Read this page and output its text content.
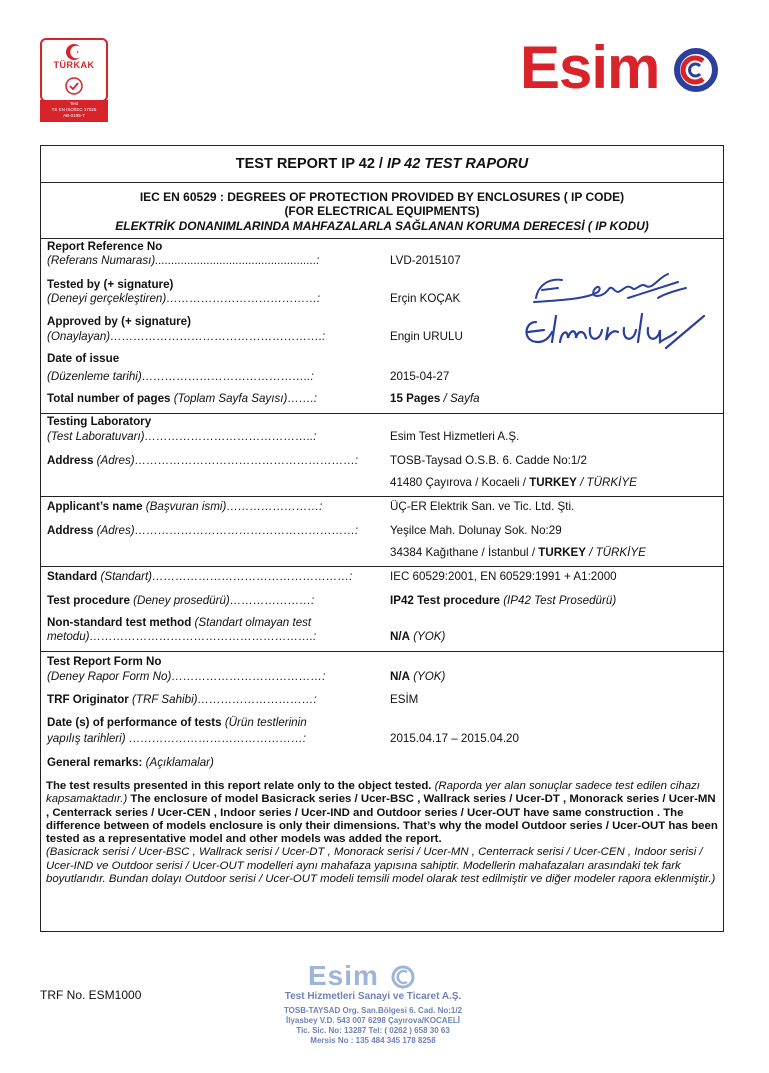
TÜRKAK
Test
TS EN ISO/IEC 17025
AB-0195-T
Esim
TEST REPORT IP 42 / IP 42 TEST RAPORU
IEC EN 60529 : DEGREES OF PROTECTION PROVIDED BY ENCLOSURES ( IP CODE)
(FOR ELECTRICAL EQUIPMENTS)
ELEKTRİK DONANIMLARINDA MAHFAZALARLA SAĞLANAN KORUMA DERECESİ ( IP KODU)
Report Reference No
(Referans Numarası)..................................................:	LVD-2015107
Tested by (+ signature)
(Deneyi gerçekleştiren)…………………………………:	Erçin KOÇAK
Approved by (+ signature)
(Onaylayan)……………………………………………….:	Engin URULU
Date of issue
(Düzenleme tarihi)……………………………………..:	2015-04-27
Total number of pages (Toplam Sayfa Sayısı)…….:	15 Pages / Sayfa
Testing Laboratory
(Test Laboratuvarı)……………………………………..:	Esim Test Hizmetleri A.Ş.
Address (Adres)…………………………………………………:	TOSB-Taysad O.S.B. 6. Cadde No:1/2
41480 Çayırova / Kocaeli / TURKEY / TÜRKİYE
Applicant’s name (Başvuran ismi)……………………:	ÜÇ-ER Elektrik San. ve Tic. Ltd. Şti.
Address (Adres)…………………………………………………:	Yeşilce Mah. Dolunay Sok. No:29
34384 Kağıthane / İstanbul / TURKEY / TÜRKİYE
Standard (Standart)……………………………………………:	IEC 60529:2001, EN 60529:1991 + A1:2000
Test procedure (Deney prosedürü)…………………:	IP42 Test procedure (IP42 Test Prosedürü)
Non-standard test method (Standart olmayan test
metodu)………………………………………………….:	N/A (YOK)
Test Report Form No
(Deney Rapor Form No)…………………………………:	N/A (YOK)
TRF Originator (TRF Sahibi)…………………………:	ESİM
Date (s) of performance of tests (Ürün testlerinin
yapılış tarihleri) ………………………………………:	2015.04.17 – 2015.04.20
General remarks: (Açıklamalar)
The test results presented in this report relate only to the object tested. (Raporda yer alan sonuçlar sadece test edilen cihazı kapsamaktadır.) The enclosure of model Basicrack series / Ucer-BSC , Wallrack series / Ucer-DT , Monorack series / Ucer-MN , Centerrack series / Ucer-CEN , Indoor series / Ucer-IND and Outdoor series / Ucer-OUT have same construction . The difference between of models enclosure is only their dimensions. That’s why the model Outdoor series / Ucer-OUT has been tested as a representative model and other models was added the report.
(Basicrack serisi / Ucer-BSC , Wallrack serisi / Ucer-DT , Monorack serisi / Ucer-MN , Centerrack serisi / Ucer-CEN , Indoor serisi / Ucer-IND ve Outdoor serisi / Ucer-OUT modelleri aynı mahafaza yapısına sahiptir. Modellerin mahafazaları arasındaki tek fark boyutlarıdır. Bundan dolayı Outdoor serisi / Ucer-OUT modeli temsili model olarak test edilmiştir ve diğer modeler rapora eklenmiştir.)
TRF No. ESM1000
Esim
Test Hizmetleri Sanayi ve Ticaret A.Ş.
TOSB-TAYSAD Org. San.Bölgesi 6. Cad. No:1/2
İlyasbey V.D. 543 007 6298 Çayırova/KOCAELİ
Tic. Sic. No: 13287 Tel: ( 0262 ) 658 30 63
Mersis No : 135 484 345 178 8258
